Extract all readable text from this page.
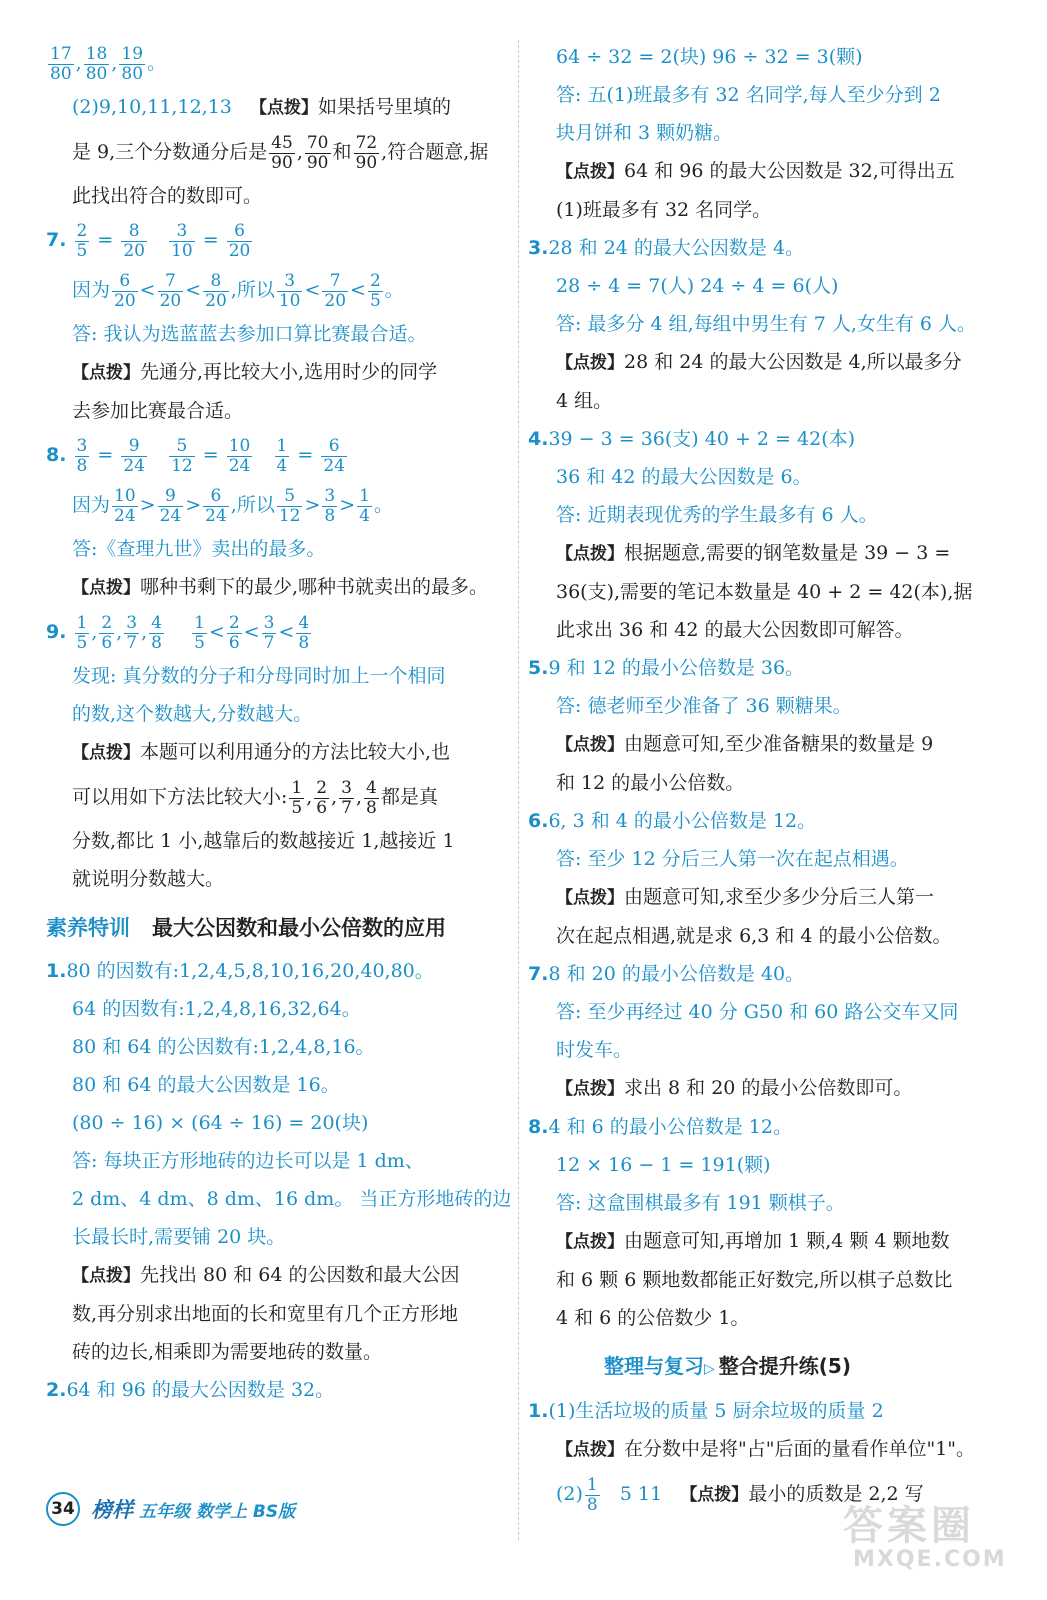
$\frac{17}{80}$ , $\frac{18}{80}$ , $\frac{19}{80}$ 。
(2)9,10,11,12,13 【点拨】如果括号里填的
是 9,三个分数通分后是 $\frac{45}{90}$ , $\frac{70}{90}$ 和 $\frac{72}{90}$ ,符合题意,据
此找出符合的数即可。
7. $\frac{2}{5} = \frac{8}{20}$
$\frac{3}{10} = \frac{6}{20}$
因为 $\frac{6}{20} < \frac{7}{20} < \frac{8}{20}$ ,所以 $\frac{3}{10} < \frac{7}{20} < \frac{2}{5}$ 。
答: 我认为选蓝蓝去参加口算比赛最合适。
【点拨】先通分,再比较大小,选用时少的同学
去参加比赛最合适。
8. $\frac{3}{8} = \frac{9}{24}$
$\frac{5}{12} = \frac{10}{24}$
$\frac{1}{4} = \frac{6}{24}$
因为 $\frac{10}{24} > \frac{9}{24} > \frac{6}{24}$ ,所以 $\frac{5}{12} > \frac{3}{8} > \frac{1}{4}$ 。
答:《查理九世》卖出的最多。
【点拨】哪种书剩下的最少,哪种书就卖出的最多。
9. $\frac{1}{5}$ , $\frac{2}{6}$ , $\frac{3}{7}$ , $\frac{4}{8}$
$\frac{1}{5} < \frac{2}{6} < \frac{3}{7} < \frac{4}{8}$
发现: 真分数的分子和分母同时加上一个相同
的数,这个数越大,分数越大。
【点拨】本题可以利用通分的方法比较大小,也
可以用如下方法比较大小: $\frac{1}{5}$ , $\frac{2}{6}$ , $\frac{3}{7}$ , $\frac{4}{8}$ 都是真
分数,都比 1 小,越靠后的数越接近 1,越接近 1
就说明分数越大。
素养特训 最大公因数和最小公倍数的应用
1.80 的因数有:1,2,4,5,8,10,16,20,40,80。
64 的因数有:1,2,4,8,16,32,64。
80 和 64 的公因数有:1,2,4,8,16。
80 和 64 的最大公因数是 16。
(80 ÷ 16) × (64 ÷ 16) = 20(块)
答: 每块正方形地砖的边长可以是 1 dm、
2 dm、4 dm、8 dm、16 dm。 当正方形地砖的边
长最长时,需要铺 20 块。
【点拨】先找出 80 和 64 的公因数和最大公因
数,再分别求出地面的长和宽里有几个正方形地
砖的边长,相乘即为需要地砖的数量。
2.64 和 96 的最大公因数是 32。
64 ÷ 32 = 2(块) 96 ÷ 32 = 3(颗)
答: 五(1)班最多有 32 名同学,每人至少分到 2
块月饼和 3 颗奶糖。
【点拨】64 和 96 的最大公因数是 32,可得出五
(1)班最多有 32 名同学。
3.28 和 24 的最大公因数是 4。
28 ÷ 4 = 7(人) 24 ÷ 4 = 6(人)
答: 最多分 4 组,每组中男生有 7 人,女生有 6 人。
【点拨】28 和 24 的最大公因数是 4,所以最多分
4 组。
4.39 − 3 = 36(支) 40 + 2 = 42(本)
36 和 42 的最大公因数是 6。
答: 近期表现优秀的学生最多有 6 人。
【点拨】根据题意,需要的钢笔数量是 39 − 3 =
36(支),需要的笔记本数量是 40 + 2 = 42(本),据
此求出 36 和 42 的最大公因数即可解答。
5.9 和 12 的最小公倍数是 36。
答: 德老师至少准备了 36 颗糖果。
【点拨】由题意可知,至少准备糖果的数量是 9
和 12 的最小公倍数。
6.6, 3 和 4 的最小公倍数是 12。
答: 至少 12 分后三人第一次在起点相遇。
【点拨】由题意可知,求至少多少分后三人第一
次在起点相遇,就是求 6,3 和 4 的最小公倍数。
7.8 和 20 的最小公倍数是 40。
答: 至少再经过 40 分 G50 和 60 路公交车又同
时发车。
【点拨】求出 8 和 20 的最小公倍数即可。
8.4 和 6 的最小公倍数是 12。
12 × 16 − 1 = 191(颗)
答: 这盒围棋最多有 191 颗棋子。
【点拨】由题意可知,再增加 1 颗,4 颗 4 颗地数
和 6 颗 6 颗地数都能正好数完,所以棋子总数比
4 和 6 的公倍数少 1。
整理与复习▷ 整合提升练(5)
1.(1)生活垃圾的质量 5 厨余垃圾的质量 2
【点拨】在分数中是将"占"后面的量看作单位"1"。
$(2) \frac{1}{8} 5$ 11 【点拨】最小的质数是 2,2 写
34 榜样 五年级 数学上 BS版	答案圈
MXQE.COM
